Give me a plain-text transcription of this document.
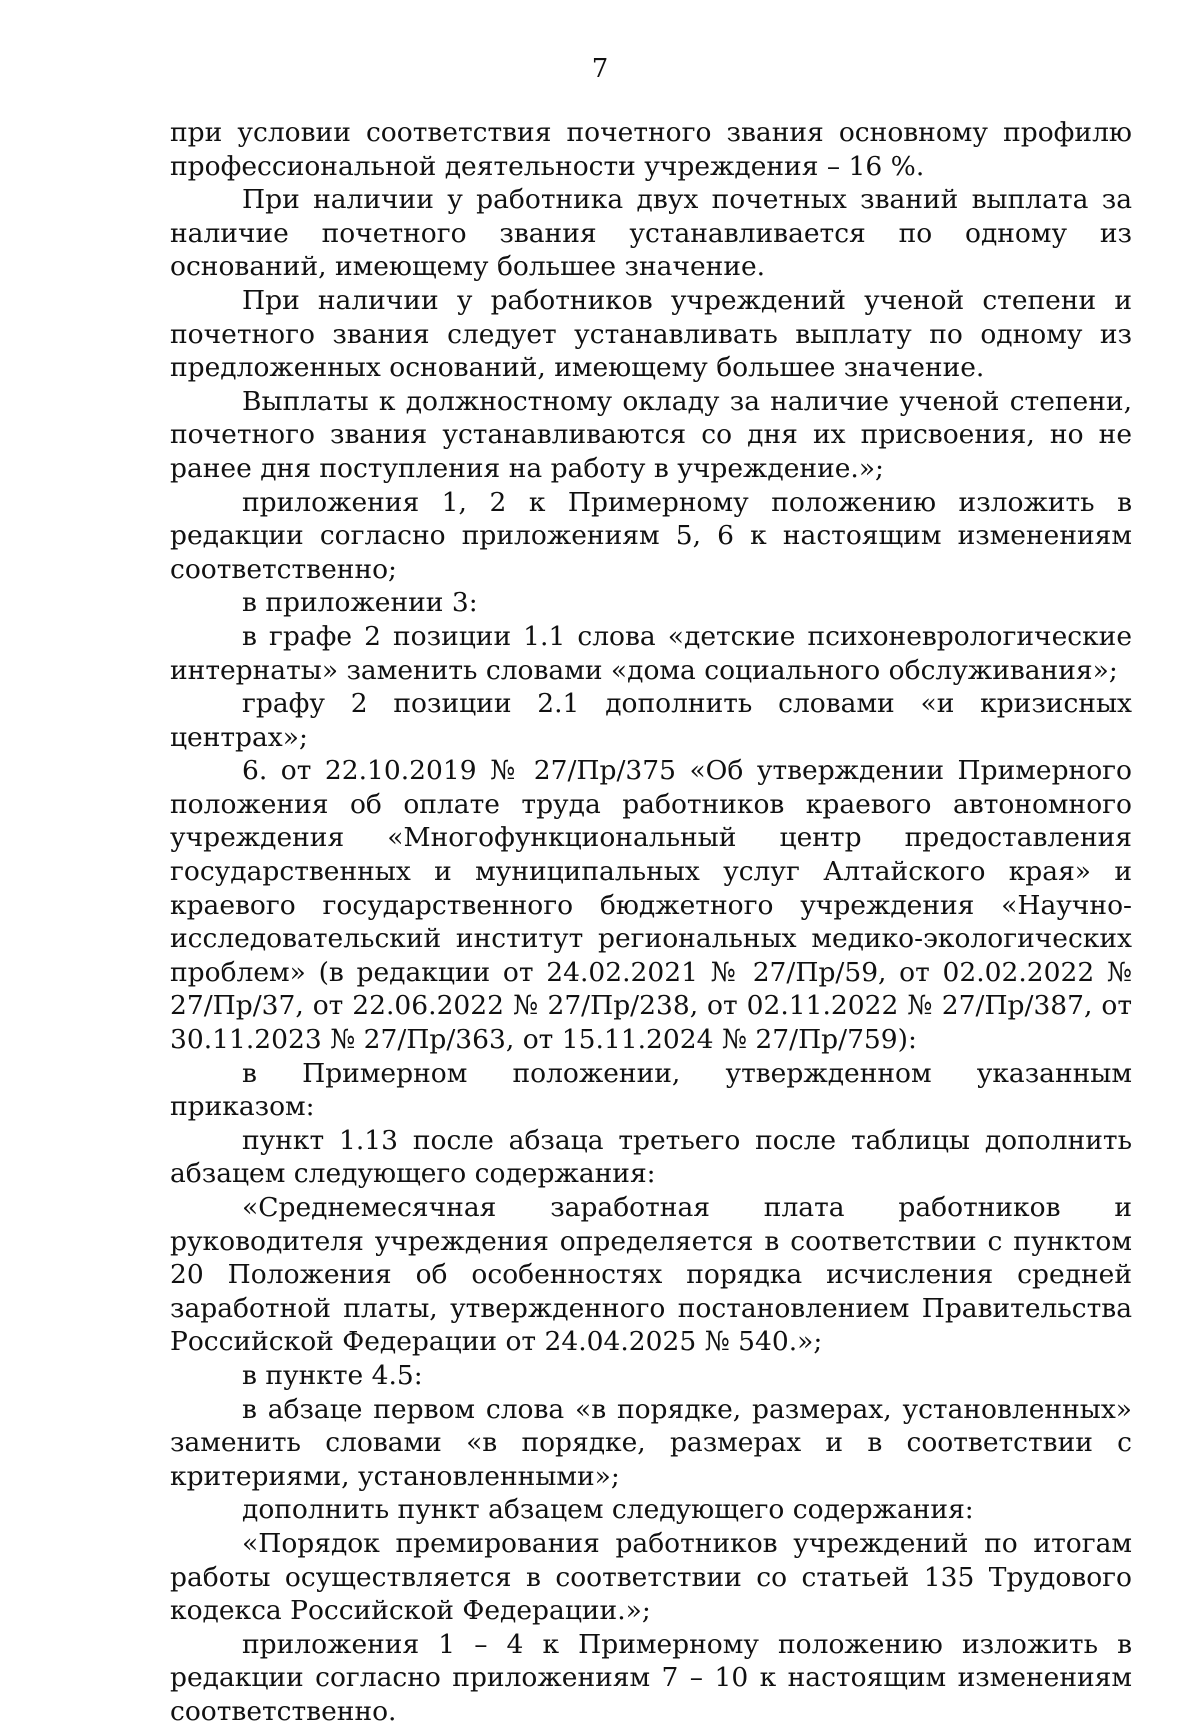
7

при условии соответствия почетного звания основному профилю профессиональной деятельности учреждения – 16 %.

При наличии у работника двух почетных званий выплата за наличие почетного звания устанавливается по одному из оснований, имеющему большее значение.

При наличии у работников учреждений ученой степени и почетного звания следует устанавливать выплату по одному из предложенных оснований, имеющему большее значение.

Выплаты к должностному окладу за наличие ученой степени, почетного звания устанавливаются со дня их присвоения, но не ранее дня поступления на работу в учреждение.»;

приложения 1, 2 к Примерному положению изложить в редакции согласно приложениям 5, 6 к настоящим изменениям соответственно;

в приложении 3:

в графе 2 позиции 1.1 слова «детские психоневрологические интернаты» заменить словами «дома социального обслуживания»;

графу 2 позиции 2.1 дополнить словами «и кризисных центрах»;

6. от 22.10.2019 № 27/Пр/375 «Об утверждении Примерного положения об оплате труда работников краевого автономного учреждения «Многофункциональный центр предоставления государственных и муниципальных услуг Алтайского края» и краевого государственного бюджетного учреждения «Научно-исследовательский институт региональных медико-экологических проблем» (в редакции от 24.02.2021 № 27/Пр/59, от 02.02.2022 № 27/Пр/37, от 22.06.2022 № 27/Пр/238, от 02.11.2022 № 27/Пр/387, от 30.11.2023 № 27/Пр/363, от 15.11.2024 № 27/Пр/759):

в Примерном положении, утвержденном указанным приказом:

пункт 1.13 после абзаца третьего после таблицы дополнить абзацем следующего содержания:

«Среднемесячная заработная плата работников и руководителя учреждения определяется в соответствии с пунктом 20 Положения об особенностях порядка исчисления средней заработной платы, утвержденного постановлением Правительства Российской Федерации от 24.04.2025 № 540.»;

в пункте 4.5:

в абзаце первом слова «в порядке, размерах, установленных» заменить словами «в порядке, размерах и в соответствии с критериями, установленными»;

дополнить пункт абзацем следующего содержания:

«Порядок премирования работников учреждений по итогам работы осуществляется в соответствии со статьей 135 Трудового кодекса Российской Федерации.»;

приложения 1 – 4 к Примерному положению изложить в редакции согласно приложениям 7 – 10 к настоящим изменениям соответственно.
